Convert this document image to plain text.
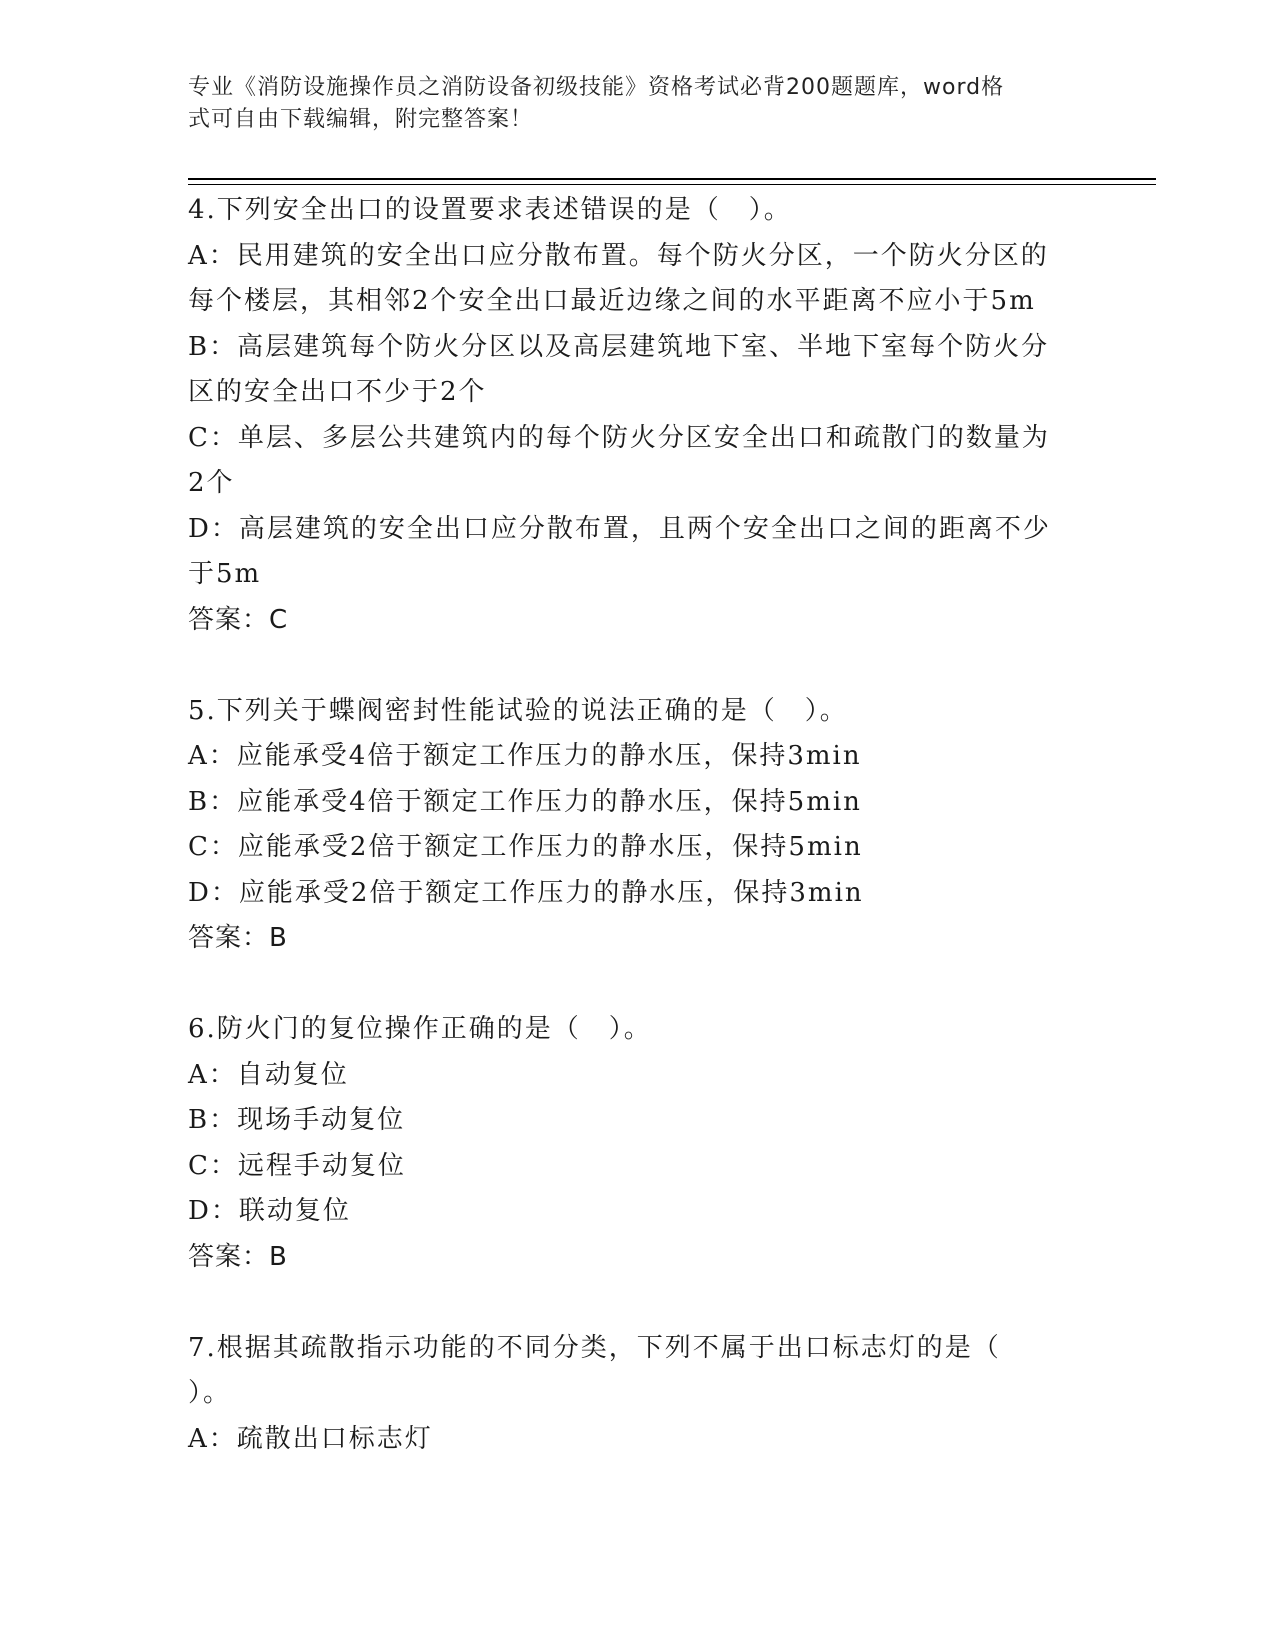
专业《消防设施操作员之消防设备初级技能》资格考试必背200题题库，word格
式可自由下载编辑，附完整答案！
4.下列安全出口的设置要求表述错误的是（　）。
A：民用建筑的安全出口应分散布置。每个防火分区，一个防火分区的
每个楼层，其相邻2个安全出口最近边缘之间的水平距离不应小于5m
B：高层建筑每个防火分区以及高层建筑地下室、半地下室每个防火分
区的安全出口不少于2个
C：单层、多层公共建筑内的每个防火分区安全出口和疏散门的数量为
2个
D：高层建筑的安全出口应分散布置，且两个安全出口之间的距离不少
于5m
答案：C
5.下列关于蝶阀密封性能试验的说法正确的是（　）。
A：应能承受4倍于额定工作压力的静水压，保持3min
B：应能承受4倍于额定工作压力的静水压，保持5min
C：应能承受2倍于额定工作压力的静水压，保持5min
D：应能承受2倍于额定工作压力的静水压，保持3min
答案：B
6.防火门的复位操作正确的是（　）。
A：自动复位
B：现场手动复位
C：远程手动复位
D：联动复位
答案：B
7.根据其疏散指示功能的不同分类，下列不属于出口标志灯的是（
）。
A：疏散出口标志灯
